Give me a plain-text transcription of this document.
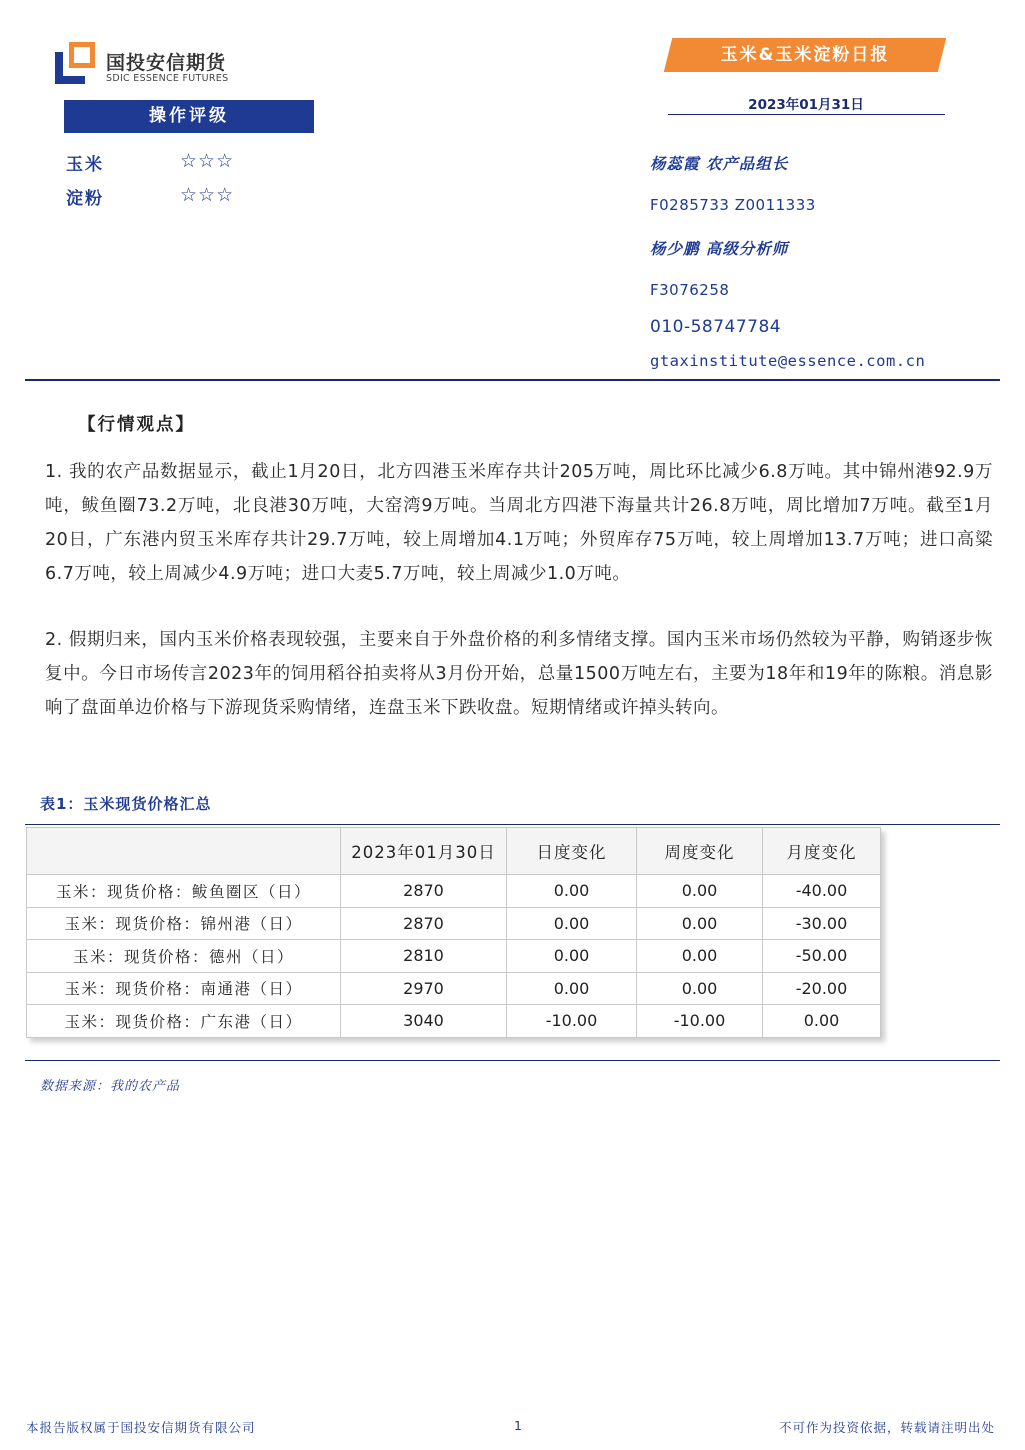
国投安信期货
SDIC ESSENCE FUTURES
玉米&玉米淀粉日报
2023年01月31日
操作评级
玉米	☆☆☆
淀粉	☆☆☆
杨蕊霞 农产品组长
F0285733 Z0011333
杨少鹏 高级分析师
F3076258
010-58747784
gtaxinstitute@essence.com.cn
【行情观点】
1. 我的农产品数据显示，截止1月20日，北方四港玉米库存共计205万吨，周比环比减少6.8万吨。其中锦州港92.9万吨，鲅鱼圈73.2万吨，北良港30万吨，大窑湾9万吨。当周北方四港下海量共计26.8万吨，周比增加7万吨。截至1月20日，广东港内贸玉米库存共计29.7万吨，较上周增加4.1万吨；外贸库存75万吨，较上周增加13.7万吨；进口高粱6.7万吨，较上周减少4.9万吨；进口大麦5.7万吨，较上周减少1.0万吨。
2. 假期归来，国内玉米价格表现较强，主要来自于外盘价格的利多情绪支撑。国内玉米市场仍然较为平静，购销逐步恢复中。今日市场传言2023年的饲用稻谷拍卖将从3月份开始，总量1500万吨左右，主要为18年和19年的陈粮。消息影响了盘面单边价格与下游现货采购情绪，连盘玉米下跌收盘。短期情绪或许掉头转向。
表1：玉米现货价格汇总
	2023年01月30日	日度变化	周度变化	月度变化
玉米：现货价格：鲅鱼圈区（日）	2870	0.00	0.00	-40.00
玉米：现货价格：锦州港（日）	2870	0.00	0.00	-30.00
玉米：现货价格：德州（日）	2810	0.00	0.00	-50.00
玉米：现货价格：南通港（日）	2970	0.00	0.00	-20.00
玉米：现货价格：广东港（日）	3040	-10.00	-10.00	0.00
数据来源：我的农产品
本报告版权属于国投安信期货有限公司	1	不可作为投资依据，转载请注明出处
